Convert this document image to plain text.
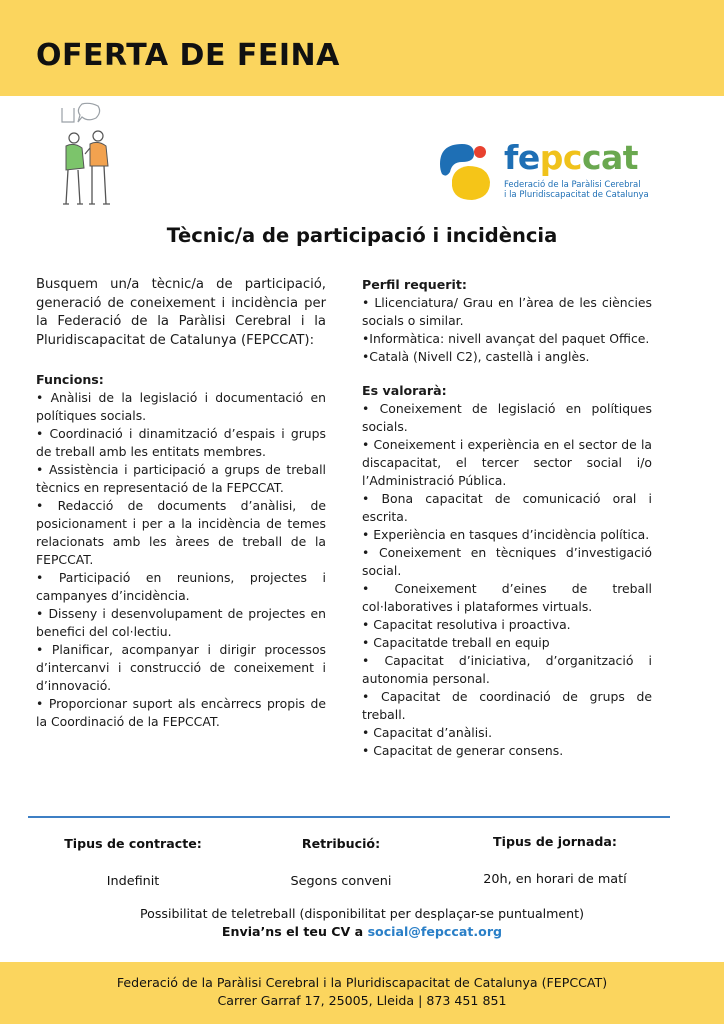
OFERTA DE FEINA
fepccat
Federació de la Paràlisi Cerebral
i la Pluridiscapacitat de Catalunya
Tècnic/a de participació i incidència

Busquem un/a tècnic/a de participació, generació de coneixement i incidència per la Federació de la Paràlisi Cerebral i la Pluridiscapacitat de Catalunya (FEPCCAT):

Funcions:
• Anàlisi de la legislació i documentació en polítiques socials.
• Coordinació i dinamització d’espais i grups de treball amb les entitats membres.
• Assistència i participació a grups de treball tècnics en representació de la FEPCCAT.
• Redacció de documents d’anàlisi, de posicionament i per a la incidència de temes relacionats amb les àrees de treball de la FEPCCAT.
• Participació en reunions, projectes i campanyes d’incidència.
• Disseny i desenvolupament de projectes en benefici del col·lectiu.
• Planificar, acompanyar i dirigir processos d’intercanvi i construcció de coneixement i d’innovació.
• Proporcionar suport als encàrrecs propis de la Coordinació de la FEPCCAT.
Perfil requerit:
• Llicenciatura/ Grau en l’àrea de les ciències socials o similar.
•Informàtica: nivell avançat del paquet Office.
•Català (Nivell C2), castellà i anglès.
Es valorarà:
• Coneixement de legislació en polítiques socials.
• Coneixement i experiència en el sector de la discapacitat, el tercer sector social i/o l’Administració Pública.
• Bona capacitat de comunicació oral i escrita.
• Experiència en tasques d’incidència política.
• Coneixement en tècniques d’investigació social.
• Coneixement d’eines de treball col·laboratives i plataformes virtuals.
• Capacitat resolutiva i proactiva.
• Capacitatde treball en equip
• Capacitat d’iniciativa, d’organització i autonomia personal.
• Capacitat de coordinació de grups de treball.
• Capacitat d’anàlisi.
• Capacitat de generar consens.
Tipus de contracte:
Indefinit
Retribució:
Segons conveni
Tipus de jornada:
20h, en horari de matí
Possibilitat de teletreball (disponibilitat per desplaçar-se puntualment)
Envia’ns el teu CV a social@fepccat.org
Federació de la Paràlisi Cerebral i la Pluridiscapacitat de Catalunya (FEPCCAT)
Carrer Garraf 17, 25005, Lleida | 873 451 851
